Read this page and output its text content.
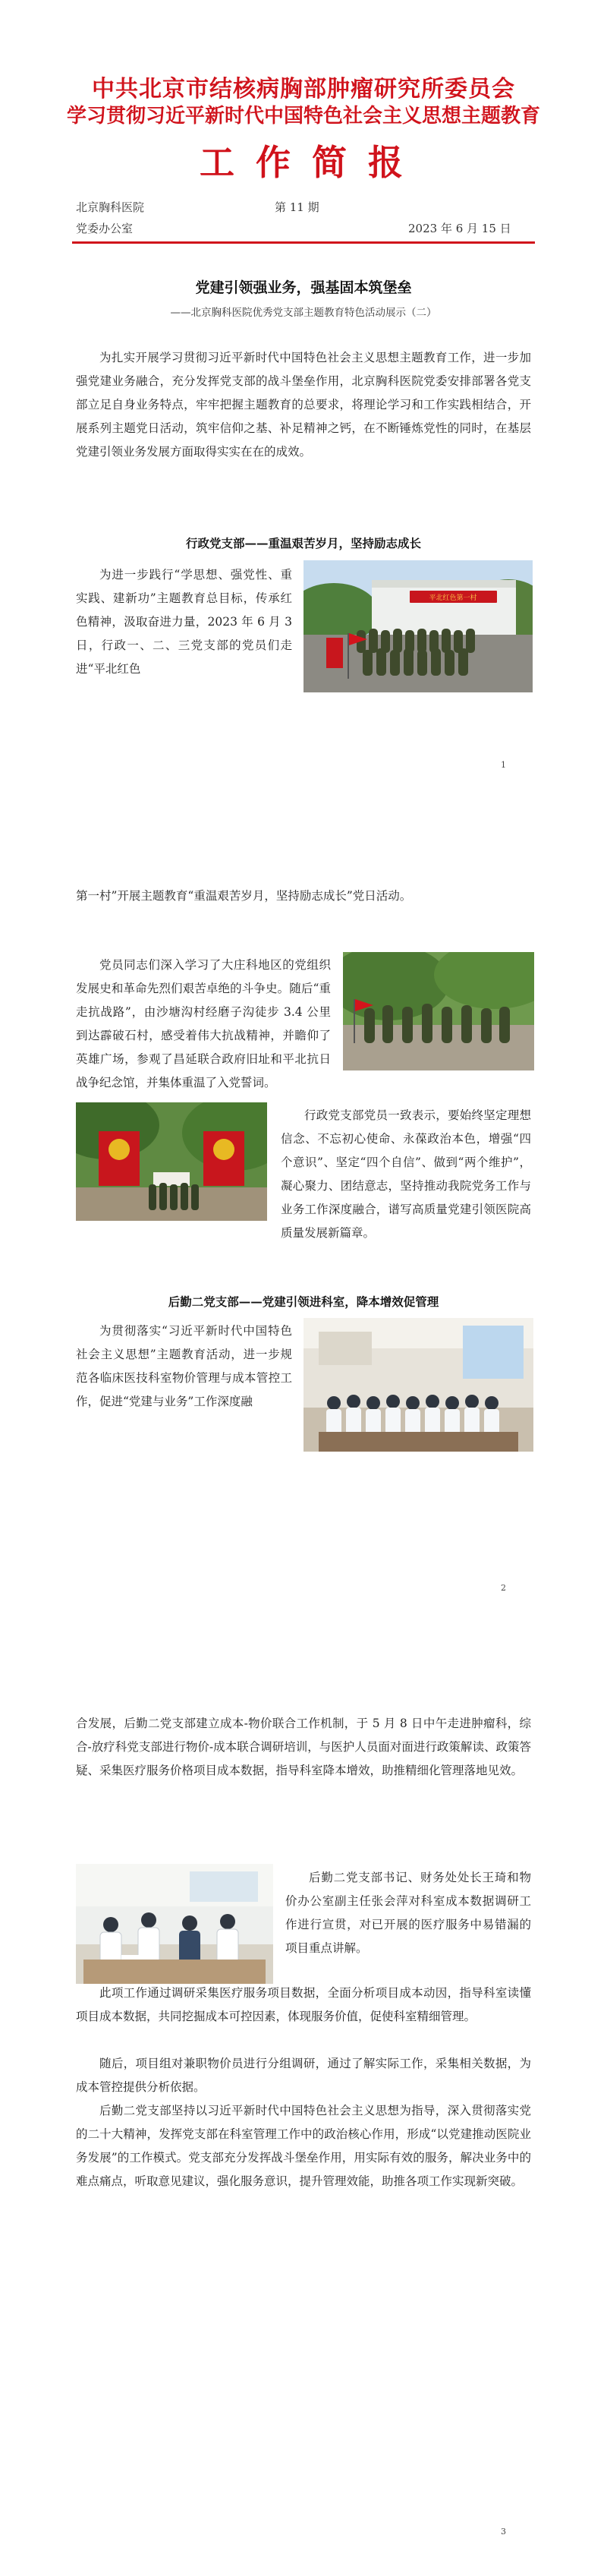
中共北京市结核病胸部肿瘤研究所委员会
学习贯彻习近平新时代中国特色社会主义思想主题教育
工 作 简 报
北京胸科医院	第 11 期
党委办公室	2023 年 6 月 15 日
党建引领强业务，强基固本筑堡垒
——北京胸科医院优秀党支部主题教育特色活动展示（二）

为扎实开展学习贯彻习近平新时代中国特色社会主义思想主题教育工作，进一步加强党建业务融合，充分发挥党支部的战斗堡垒作用，北京胸科医院党委安排部署各党支部立足自身业务特点，牢牢把握主题教育的总要求，将理论学习和工作实践相结合，开展系列主题党日活动，筑牢信仰之基、补足精神之钙，在不断锤炼党性的同时，在基层党建引领业务发展方面取得实实在在的成效。

行政党支部——重温艰苦岁月，坚持励志成长
平北红色第一村

为进一步践行“学思想、强党性、重实践、建新功”主题教育总目标，传承红色精神，汲取奋进力量，2023 年 6 月 3 日，行政一、二、三党支部的党员们走进“平北红色

1

第一村”开展主题教育“重温艰苦岁月，坚持励志成长”党日活动。

党员同志们深入学习了大庄科地区的党组织发展史和革命先烈们艰苦卓绝的斗争史。随后“重走抗战路”，由沙塘沟村经磨子沟徒步 3.4 公里到达霹破石村，感受着伟大抗战精神，并瞻仰了英雄广场，参观了昌延联合政府旧址和平北抗日战争纪念馆，并集体重温了入党誓词。

行政党支部党员一致表示，要始终坚定理想信念、不忘初心使命、永葆政治本色，增强“四个意识”、坚定“四个自信”、做到“两个维护”，凝心聚力、团结意志，坚持推动我院党务工作与业务工作深度融合，谱写高质量党建引领医院高质量发展新篇章。

后勤二党支部——党建引领进科室，降本增效促管理

为贯彻落实“习近平新时代中国特色社会主义思想”主题教育活动，进一步规范各临床医技科室物价管理与成本管控工作，促进“党建与业务”工作深度融

2

合发展，后勤二党支部建立成本-物价联合工作机制，于 5 月 8 日中午走进肿瘤科，综合-放疗科党支部进行物价-成本联合调研培训，与医护人员面对面进行政策解读、政策答疑、采集医疗服务价格项目成本数据，指导科室降本增效，助推精细化管理落地见效。

后勤二党支部书记、财务处处长王琦和物价办公室副主任张会萍对科室成本数据调研工作进行宣贯，对已开展的医疗服务中易错漏的项目重点讲解。

此项工作通过调研采集医疗服务项目数据，全面分析项目成本动因，指导科室读懂项目成本数据，共同挖掘成本可控因素，体现服务价值，促使科室精细管理。

随后，项目组对兼职物价员进行分组调研，通过了解实际工作，采集相关数据，为成本管控提供分析依据。

后勤二党支部坚持以习近平新时代中国特色社会主义思想为指导，深入贯彻落实党的二十大精神，发挥党支部在科室管理工作中的政治核心作用，形成“以党建推动医院业务发展”的工作模式。党支部充分发挥战斗堡垒作用，用实际有效的服务，解决业务中的难点痛点，听取意见建议，强化服务意识，提升管理效能，助推各项工作实现新突破。

3
